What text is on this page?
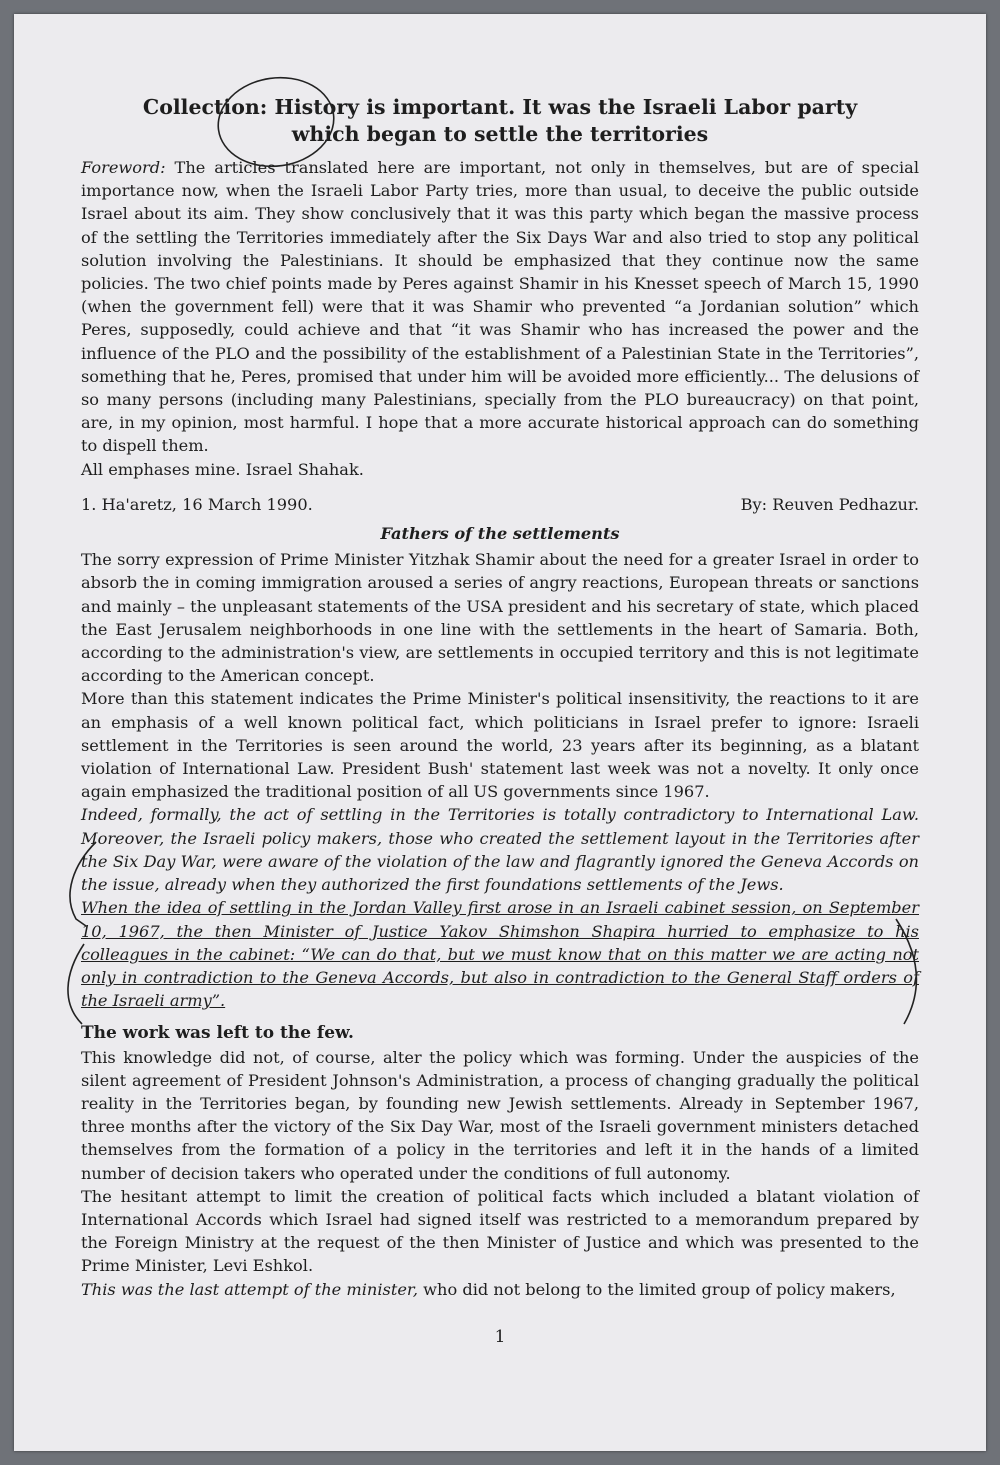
Collection: History is important. It was the Israeli Labor party
which began to settle the territories

Foreword: The articles translated here are important, not only in themselves, but are of special importance now, when the Israeli Labor Party tries, more than usual, to deceive the public outside Israel about its aim. They show conclusively that it was this party which began the massive process of the settling the Territories immediately after the Six Days War and also tried to stop any political solution involving the Palestinians. It should be emphasized that they continue now the same policies. The two chief points made by Peres against Shamir in his Knesset speech of March 15, 1990 (when the government fell) were that it was Shamir who prevented “a Jordanian solution” which Peres, supposedly, could achieve and that “it was Shamir who has increased the power and the influence of the PLO and the possibility of the establishment of a Palestinian State in the Territories”, something that he, Peres, promised that under him will be avoided more efficiently... The delusions of so many persons (including many Palestinians, specially from the PLO bureaucracy) on that point, are, in my opinion, most harmful. I hope that a more accurate historical approach can do something to dispell them.

All emphases mine. Israel Shahak.

1. Ha'aretz, 16 March 1990.	By: Reuven Pedhazur.
Fathers of the settlements

The sorry expression of Prime Minister Yitzhak Shamir about the need for a greater Israel in order to absorb the in coming immigration aroused a series of angry reactions, European threats or sanctions and mainly – the unpleasant statements of the USA president and his secretary of state, which placed the East Jerusalem neighborhoods in one line with the settlements in the heart of Samaria. Both, according to the administration's view, are settlements in occupied territory and this is not legitimate according to the American concept.

More than this statement indicates the Prime Minister's political insensitivity, the reactions to it are an emphasis of a well known political fact, which politicians in Israel prefer to ignore: Israeli settlement in the Territories is seen around the world, 23 years after its beginning, as a blatant violation of International Law. President Bush' statement last week was not a novelty. It only once again emphasized the traditional position of all US governments since 1967.

Indeed, formally, the act of settling in the Territories is totally contradictory to International Law. Moreover, the Israeli policy makers, those who created the settlement layout in the Territories after the Six Day War, were aware of the violation of the law and flagrantly ignored the Geneva Accords on the issue, already when they authorized the first foundations settlements of the Jews.

When the idea of settling in the Jordan Valley first arose in an Israeli cabinet session, on September 10, 1967, the then Minister of Justice Yakov Shimshon Shapira hurried to emphasize to his colleagues in the cabinet: “We can do that, but we must know that on this matter we are acting not only in contradiction to the Geneva Accords, but also in contradiction to the General Staff orders of the Israeli army”.

The work was left to the few.

This knowledge did not, of course, alter the policy which was forming. Under the auspicies of the silent agreement of President Johnson's Administration, a process of changing gradually the political reality in the Territories began, by founding new Jewish settlements. Already in September 1967, three months after the victory of the Six Day War, most of the Israeli government ministers detached themselves from the formation of a policy in the territories and left it in the hands of a limited number of decision takers who operated under the conditions of full autonomy.

The hesitant attempt to limit the creation of political facts which included a blatant violation of International Accords which Israel had signed itself was restricted to a memorandum prepared by the Foreign Ministry at the request of the then Minister of Justice and which was presented to the Prime Minister, Levi Eshkol.

This was the last attempt of the minister, who did not belong to the limited group of policy makers,

1
